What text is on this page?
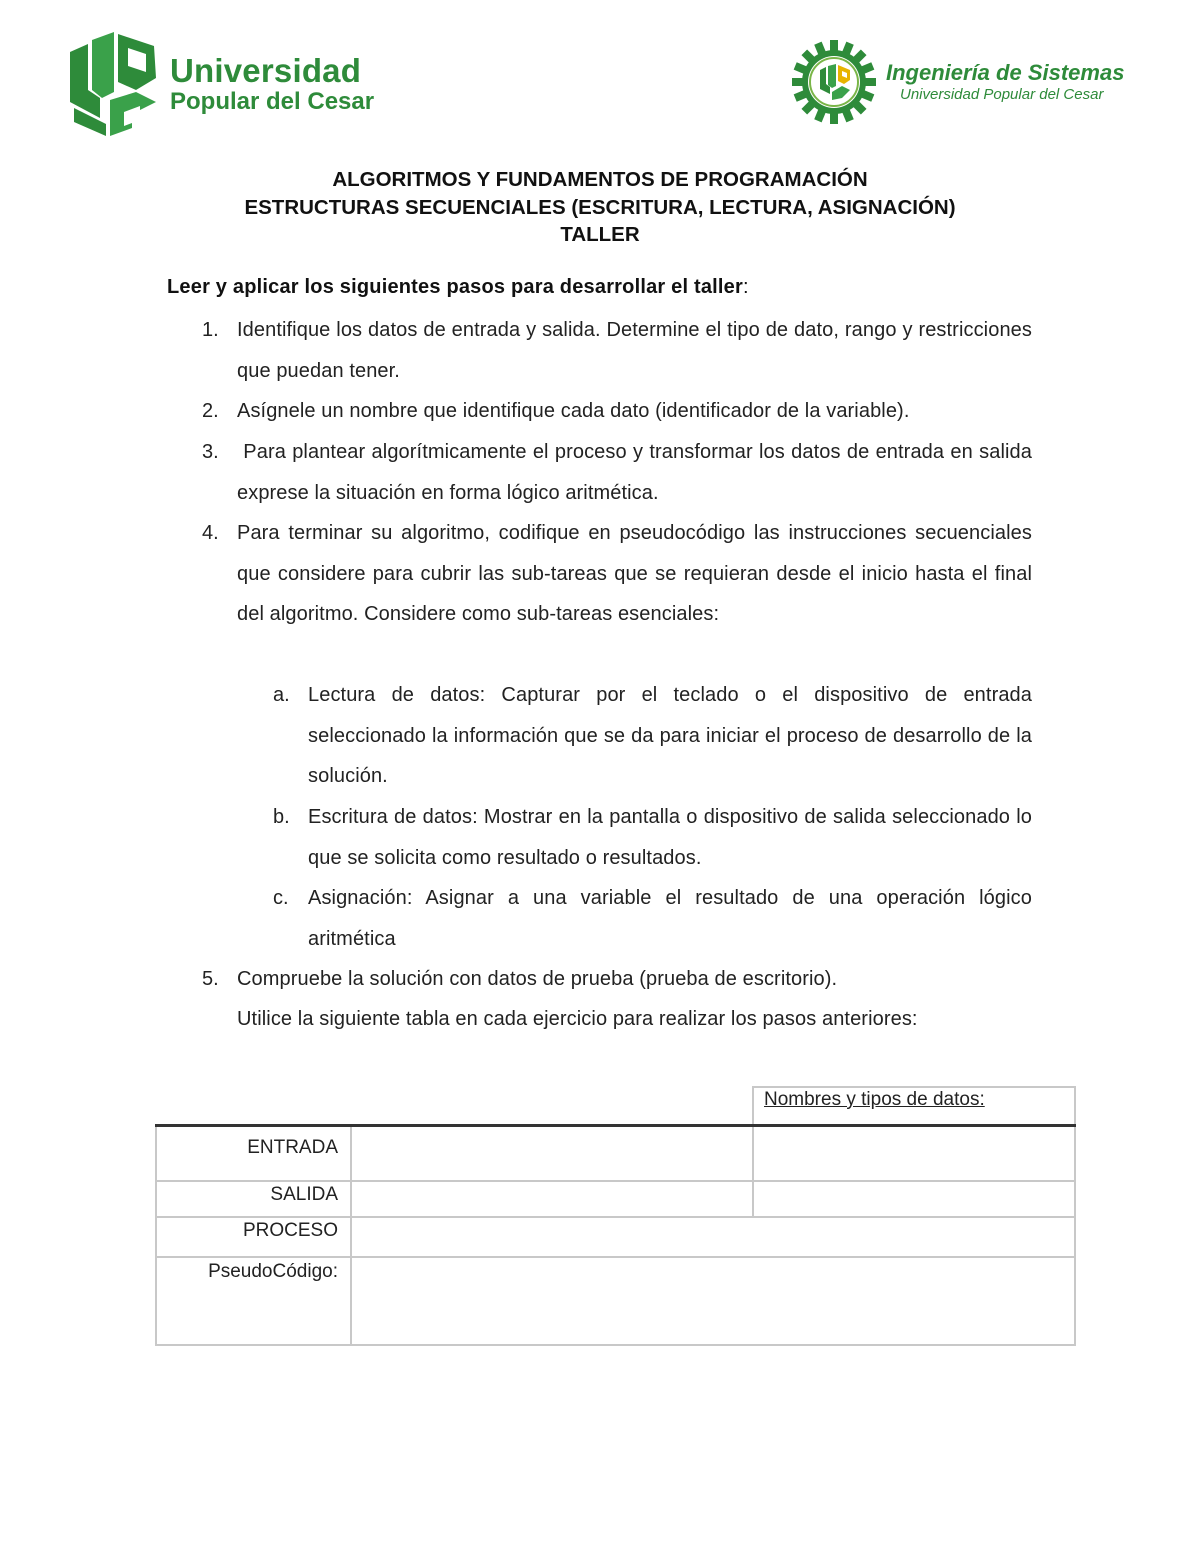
Universidad
Popular del Cesar
Ingeniería de Sistemas
Universidad Popular del Cesar
ALGORITMOS Y FUNDAMENTOS DE PROGRAMACIÓN
ESTRUCTURAS SECUENCIALES (ESCRITURA, LECTURA, ASIGNACIÓN)
TALLER
Leer y aplicar los siguientes pasos para desarrollar el taller:
1. Identifique los datos de entrada y salida. Determine el tipo de dato, rango y restricciones que puedan tener.
2. Asígnele un nombre que identifique cada dato (identificador de la variable).
3. Para plantear algorítmicamente el proceso y transformar los datos de entrada en salida exprese la situación en forma lógico aritmética.
4. Para terminar su algoritmo, codifique en pseudocódigo las instrucciones secuenciales que considere para cubrir las sub-tareas que se requieran desde el inicio hasta el final del algoritmo. Considere como sub-tareas esenciales:
a. Lectura de datos: Capturar por el teclado o el dispositivo de entrada seleccionado la información que se da para iniciar el proceso de desarrollo de la solución.
b. Escritura de datos: Mostrar en la pantalla o dispositivo de salida seleccionado lo que se solicita como resultado o resultados.
c. Asignación: Asignar a una variable el resultado de una operación lógico aritmética
5. Compruebe la solución con datos de prueba (prueba de escritorio).
Utilice la siguiente tabla en cada ejercicio para realizar los pasos anteriores:
		Nombres y tipos de datos:
ENTRADA		
SALIDA		
PROCESO		
PseudoCódigo:		
